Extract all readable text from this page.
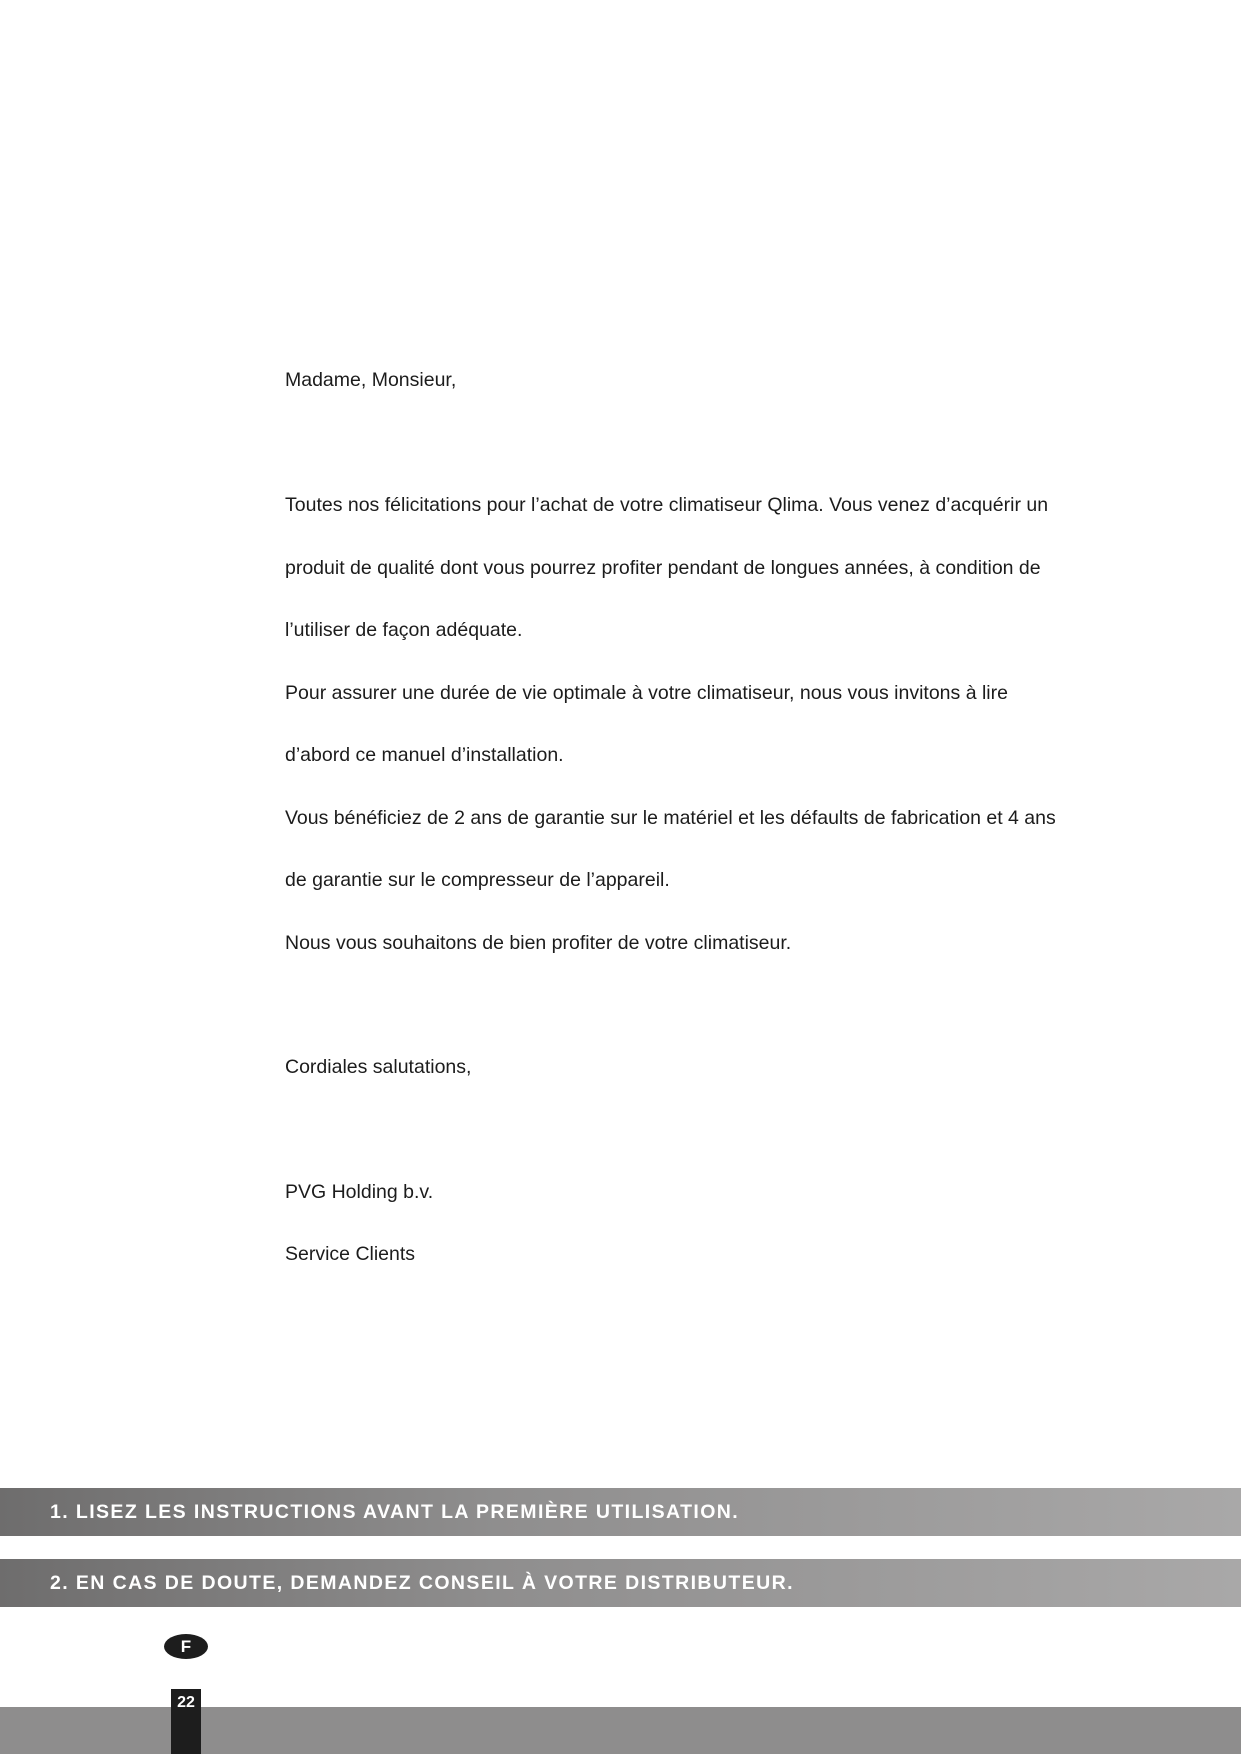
Madame, Monsieur,
Toutes nos félicitations pour l’achat de votre climatiseur Qlima. Vous venez d’acquérir un
produit de qualité dont vous pourrez profiter pendant de longues années, à condition de
l’utiliser de façon adéquate.
Pour assurer une durée de vie optimale à votre climatiseur, nous vous invitons à lire
d’abord ce manuel d’installation.
Vous bénéficiez de 2 ans de garantie sur le matériel et les défaults de fabrication et 4 ans
de garantie sur le compresseur de l’appareil.
Nous vous souhaitons de bien profiter de votre climatiseur.
Cordiales salutations,
PVG Holding b.v.
Service Clients
1. LISEZ LES INSTRUCTIONS AVANT LA PREMIÈRE UTILISATION.
2. EN CAS DE DOUTE, DEMANDEZ CONSEIL À VOTRE DISTRIBUTEUR.
F
22
